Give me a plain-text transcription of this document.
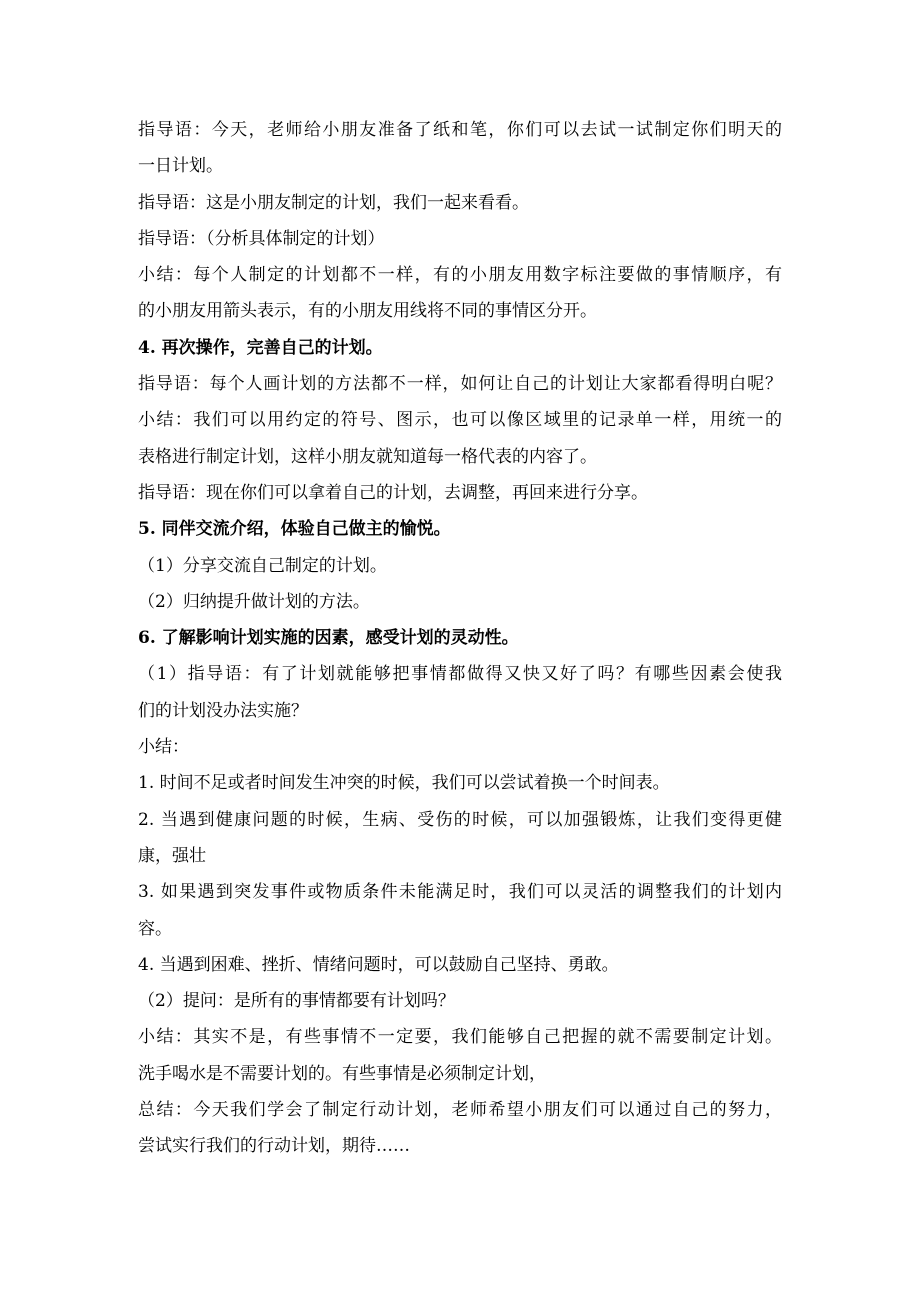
指导语：今天，老师给小朋友准备了纸和笔，你们可以去试一试制定你们明天的

一日计划。

指导语：这是小朋友制定的计划，我们一起来看看。

指导语：（分析具体制定的计划）

小结：每个人制定的计划都不一样，有的小朋友用数字标注要做的事情顺序，有

的小朋友用箭头表示，有的小朋友用线将不同的事情区分开。

4. 再次操作，完善自己的计划。

指导语：每个人画计划的方法都不一样，如何让自己的计划让大家都看得明白呢？

小结：我们可以用约定的符号、图示，也可以像区域里的记录单一样，用统一的

表格进行制定计划，这样小朋友就知道每一格代表的内容了。

指导语：现在你们可以拿着自己的计划，去调整，再回来进行分享。

5. 同伴交流介绍，体验自己做主的愉悦。

（1）分享交流自己制定的计划。

（2）归纳提升做计划的方法。

6. 了解影响计划实施的因素，感受计划的灵动性。

（1）指导语：有了计划就能够把事情都做得又快又好了吗？有哪些因素会使我

们的计划没办法实施？

小结：

1. 时间不足或者时间发生冲突的时候，我们可以尝试着换一个时间表。

2. 当遇到健康问题的时候，生病、受伤的时候，可以加强锻炼，让我们变得更健

康，强壮

3. 如果遇到突发事件或物质条件未能满足时，我们可以灵活的调整我们的计划内

容。

4. 当遇到困难、挫折、情绪问题时，可以鼓励自己坚持、勇敢。

（2）提问：是所有的事情都要有计划吗？

小结：其实不是，有些事情不一定要，我们能够自己把握的就不需要制定计划。

洗手喝水是不需要计划的。有些事情是必须制定计划，

总结：今天我们学会了制定行动计划，老师希望小朋友们可以通过自己的努力，

尝试实行我们的行动计划，期待……
